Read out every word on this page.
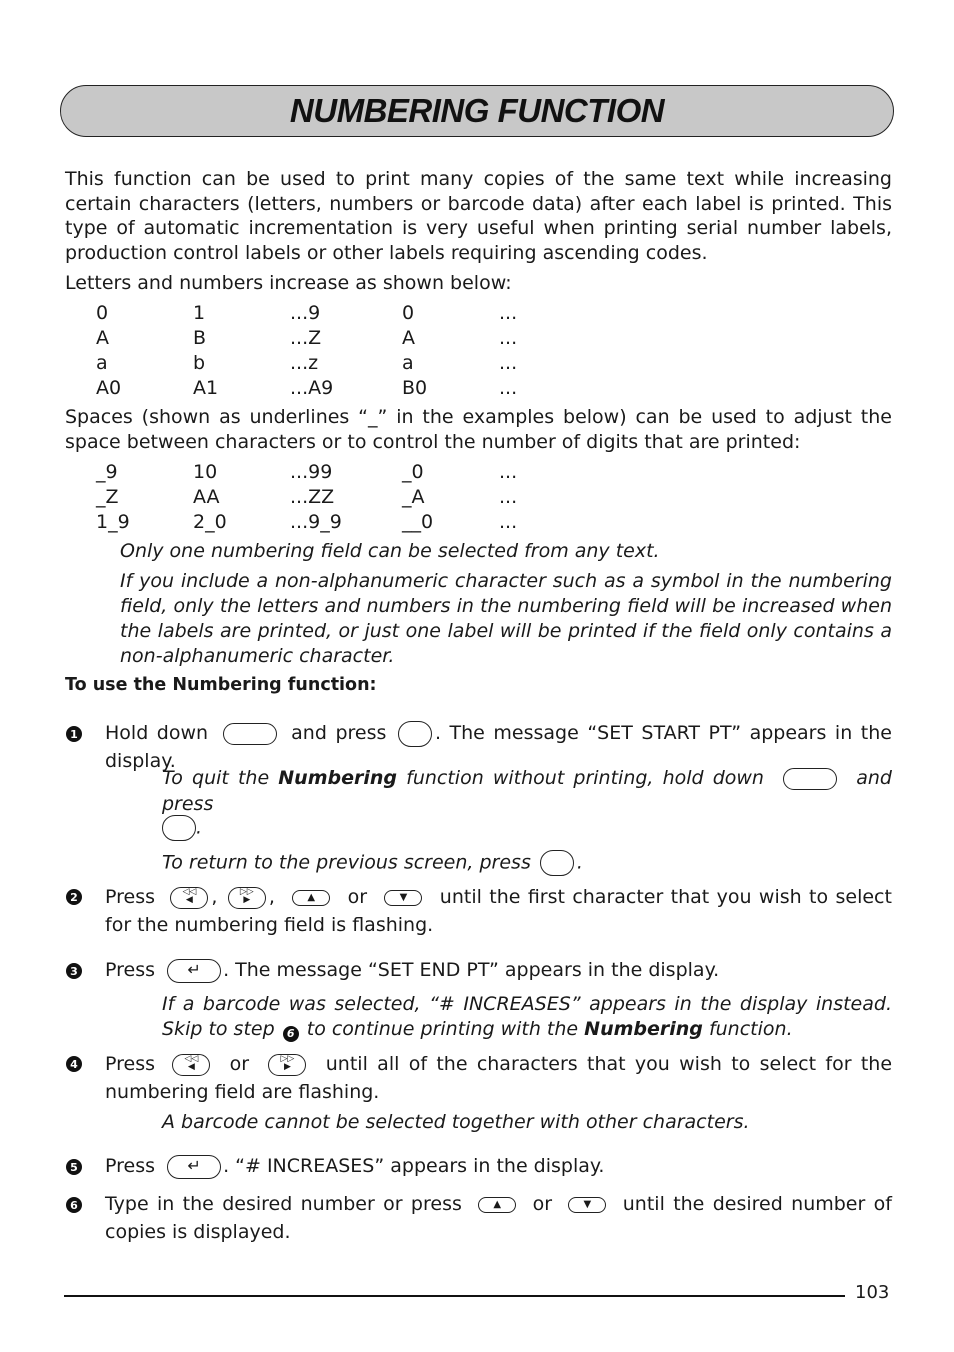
NUMBERING FUNCTION
This function can be used to print many copies of the same text while increasing certain characters (letters, numbers or barcode data) after each label is printed. This type of automatic incrementation is very useful when printing serial number labels, production control labels or other labels requiring ascending codes.
Letters and numbers increase as shown below:
0	1	...9	0	...
A	B	...Z	A	...
a	b	...z	a	...
A0	A1	...A9	B0	...
Spaces (shown as underlines “_” in the examples below) can be used to adjust the space between characters or to control the number of digits that are printed:
_9	10	...99	_0	...
_Z	AA	...ZZ	_A	...
1_9	2_0	...9_9	__0	...
Only one numbering field can be selected from any text.
If you include a non-alphanumeric character such as a symbol in the numbering field, only the letters and numbers in the numbering field will be increased when the labels are printed, or just one label will be printed if the field only contains a non-alphanumeric character.
To use the Numbering function:
1 Hold down	and press	. The message “SET START PT” appears in the display.
To quit the Numbering function without printing, hold down	and press
.
To return to the previous screen, press .
2 Press	◁◁
◀ , ▷▷
▶ ,	▲ or	▼ until the first character that you wish to select for the numbering field is flashing.
3 Press ↵ . The message “SET END PT” appears in the display.
If a barcode was selected, “# INCREASES” appears in the display instead. Skip to step 6 to continue printing with the Numbering function.
4 Press	◁◁
◀ or	▷▷
▶ until all of the characters that you wish to select for the numbering field are flashing.
A barcode cannot be selected together with other characters.
5 Press ↵ . “# INCREASES” appears in the display.
6 Type in the desired number or press	▲ or	▼ until the desired number of copies is displayed.
103
